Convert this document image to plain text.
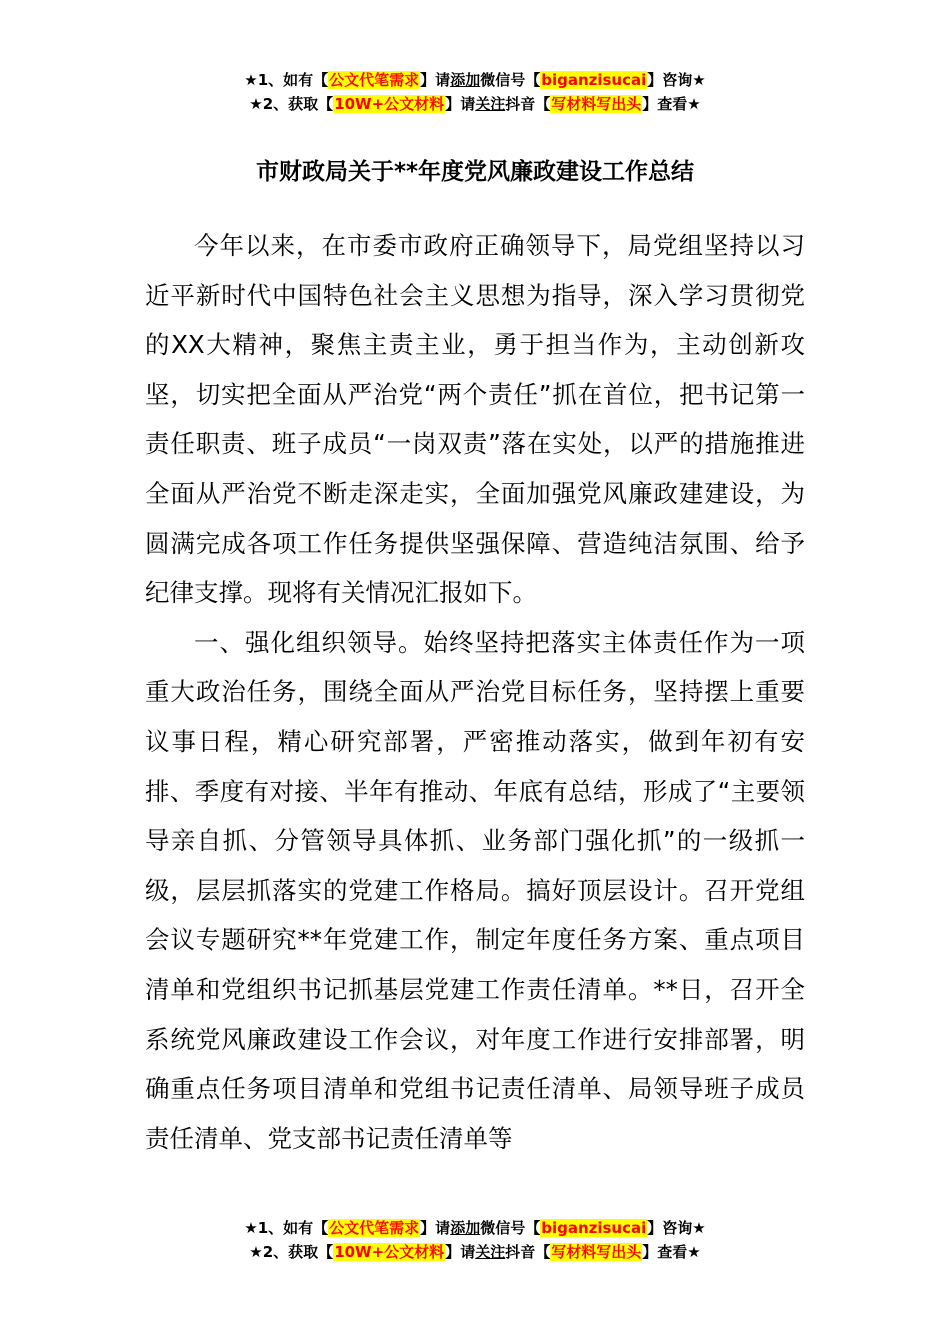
★1、如有【公文代笔需求】请添加微信号【biganzisucai】咨询★
★2、获取【10W+公文材料】请关注抖音【写材料写出头】查看★
市财政局关于**年度党风廉政建设工作总结

今年以来，在市委市政府正确领导下，局党组坚持以习近平新时代中国特色社会主义思想为指导，深入学习贯彻党的XX大精神，聚焦主责主业，勇于担当作为，主动创新攻坚，切实把全面从严治党“两个责任”抓在首位，把书记第一责任职责、班子成员“一岗双责”落在实处，以严的措施推进全面从严治党不断走深走实，全面加强党风廉政建建设，为圆满完成各项工作任务提供坚强保障、营造纯洁氛围、给予纪律支撑。现将有关情况汇报如下。

一、强化组织领导。始终坚持把落实主体责任作为一项重大政治任务，围绕全面从严治党目标任务，坚持摆上重要议事日程，精心研究部署，严密推动落实，做到年初有安排、季度有对接、半年有推动、年底有总结，形成了“主要领导亲自抓、分管领导具体抓、业务部门强化抓”的一级抓一级，层层抓落实的党建工作格局。搞好顶层设计。召开党组会议专题研究**年党建工作，制定年度任务方案、重点项目清单和党组织书记抓基层党建工作责任清单。**日，召开全系统党风廉政建设工作会议，对年度工作进行安排部署，明确重点任务项目清单和党组书记责任清单、局领导班子成员责任清单、党支部书记责任清单等

★1、如有【公文代笔需求】请添加微信号【biganzisucai】咨询★
★2、获取【10W+公文材料】请关注抖音【写材料写出头】查看★
